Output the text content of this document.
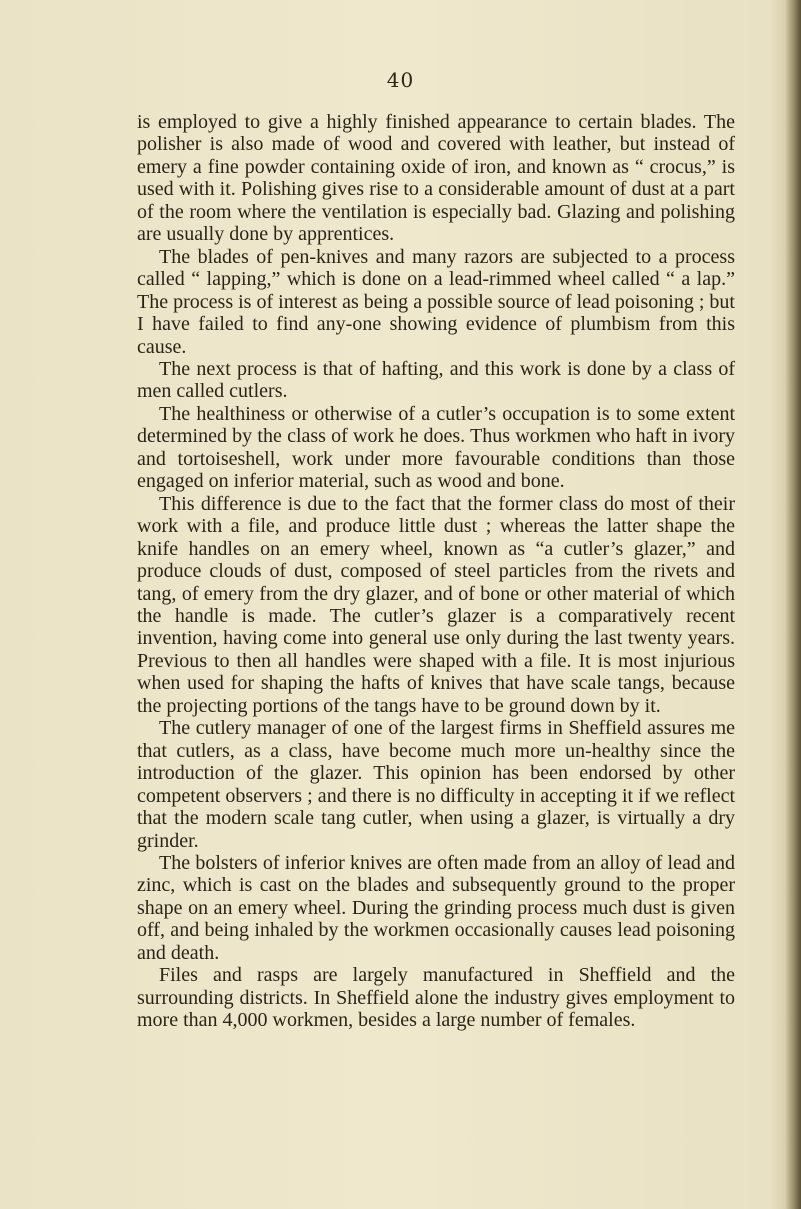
40

is employed to give a highly finished appearance to certain blades. The polisher is also made of wood and covered with leather, but instead of emery a fine powder containing oxide of iron, and known as “ crocus,” is used with it. Polishing gives rise to a considerable amount of dust at a part of the room where the ventilation is especially bad. Glazing and polishing are usually done by apprentices.

The blades of pen-knives and many razors are subjected to a process called “ lapping,” which is done on a lead-rimmed wheel called “ a lap.” The process is of interest as being a possible source of lead poisoning ; but I have failed to find any-one showing evidence of plumbism from this cause.

The next process is that of hafting, and this work is done by a class of men called cutlers.

The healthiness or otherwise of a cutler’s occupation is to some extent determined by the class of work he does. Thus workmen who haft in ivory and tortoiseshell, work under more favourable conditions than those engaged on inferior material, such as wood and bone.

This difference is due to the fact that the former class do most of their work with a file, and produce little dust ; whereas the latter shape the knife handles on an emery wheel, known as “a cutler’s glazer,” and produce clouds of dust, composed of steel particles from the rivets and tang, of emery from the dry glazer, and of bone or other material of which the handle is made. The cutler’s glazer is a comparatively recent invention, having come into general use only during the last twenty years. Previous to then all handles were shaped with a file. It is most injurious when used for shaping the hafts of knives that have scale tangs, because the projecting portions of the tangs have to be ground down by it.

The cutlery manager of one of the largest firms in Sheffield assures me that cutlers, as a class, have become much more un-healthy since the introduction of the glazer. This opinion has been endorsed by other competent observers ; and there is no difficulty in accepting it if we reflect that the modern scale tang cutler, when using a glazer, is virtually a dry grinder.

The bolsters of inferior knives are often made from an alloy of lead and zinc, which is cast on the blades and subsequently ground to the proper shape on an emery wheel. During the grinding process much dust is given off, and being inhaled by the workmen occasionally causes lead poisoning and death.

Files and rasps are largely manufactured in Sheffield and the surrounding districts. In Sheffield alone the industry gives employment to more than 4,000 workmen, besides a large number of females.
